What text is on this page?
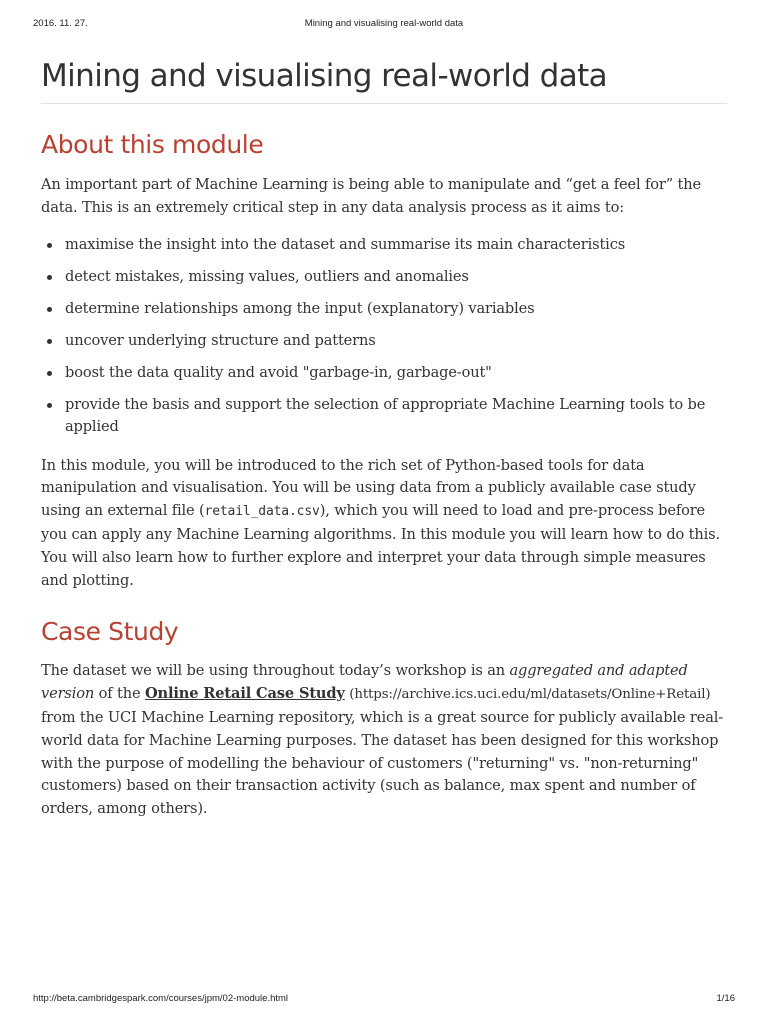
2016. 11. 27.	Mining and visualising real-world data
Mining and visualising real-world data
About this module

An important part of Machine Learning is being able to manipulate and “get a feel for” the data. This is an extremely critical step in any data analysis process as it aims to:

maximise the insight into the dataset and summarise its main characteristics
detect mistakes, missing values, outliers and anomalies
determine relationships among the input (explanatory) variables
uncover underlying structure and patterns
boost the data quality and avoid "garbage-in, garbage-out"
provide the basis and support the selection of appropriate Machine Learning tools to be applied

In this module, you will be introduced to the rich set of Python-based tools for data manipulation and visualisation. You will be using data from a publicly available case study using an external file (retail_data.csv), which you will need to load and pre-process before you can apply any Machine Learning algorithms. In this module you will learn how to do this. You will also learn how to further explore and interpret your data through simple measures and plotting.

Case Study

The dataset we will be using throughout today’s workshop is an aggregated and adapted version of the Online Retail Case Study (https://archive.ics.uci.edu/ml/datasets/Online+Retail) from the UCI Machine Learning repository, which is a great source for publicly available real-world data for Machine Learning purposes. The dataset has been designed for this workshop with the purpose of modelling the behaviour of customers ("returning" vs. "non-returning" customers) based on their transaction activity (such as balance, max spent and number of orders, among others).

http://beta.cambridgespark.com/courses/jpm/02-module.html	1/16
